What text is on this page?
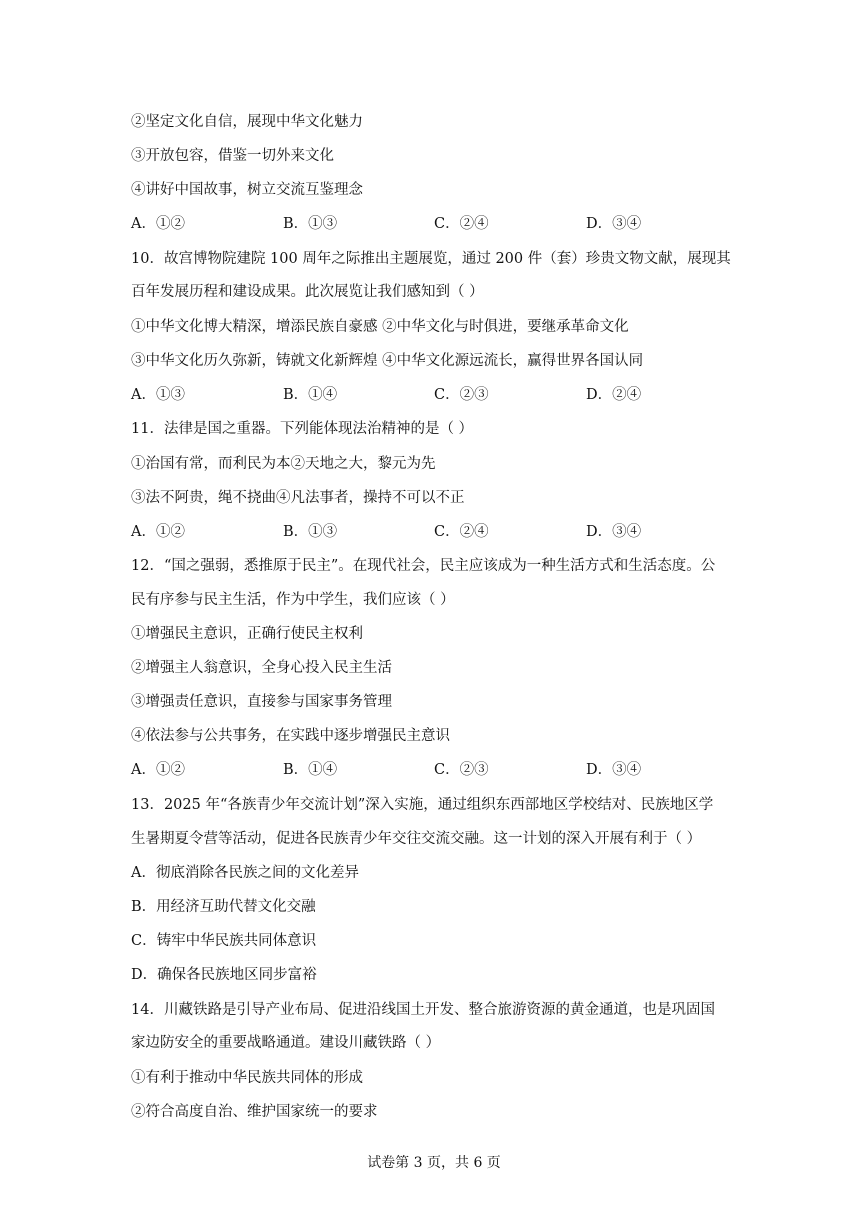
②坚定文化自信，展现中华文化魅力
③开放包容，借鉴一切外来文化
④讲好中国故事，树立交流互鉴理念
A．①②	B．①③	C．②④	D．③④
10．故宫博物院建院 100 周年之际推出主题展览，通过 200 件（套）珍贵文物文献，展现其
百年发展历程和建设成果。此次展览让我们感知到（ ）
①中华文化博大精深，增添民族自豪感 ②中华文化与时俱进，要继承革命文化
③中华文化历久弥新，铸就文化新辉煌 ④中华文化源远流长，赢得世界各国认同
A．①③	B．①④	C．②③	D．②④
11．法律是国之重器。下列能体现法治精神的是（ ）
①治国有常，而利民为本②天地之大，黎元为先
③法不阿贵，绳不挠曲④凡法事者，操持不可以不正
A．①②	B．①③	C．②④	D．③④
12．“国之强弱，悉推原于民主”。在现代社会，民主应该成为一种生活方式和生活态度。公
民有序参与民主生活，作为中学生，我们应该（ ）
①增强民主意识，正确行使民主权利
②增强主人翁意识，全身心投入民主生活
③增强责任意识，直接参与国家事务管理
④依法参与公共事务，在实践中逐步增强民主意识
A．①②	B．①④	C．②③	D．③④
13．2025 年“各族青少年交流计划”深入实施，通过组织东西部地区学校结对、民族地区学
生暑期夏令营等活动，促进各民族青少年交往交流交融。这一计划的深入开展有利于（ ）
A．彻底消除各民族之间的文化差异
B．用经济互助代替文化交融
C．铸牢中华民族共同体意识
D．确保各民族地区同步富裕
14．川藏铁路是引导产业布局、促进沿线国土开发、整合旅游资源的黄金通道，也是巩固国
家边防安全的重要战略通道。建设川藏铁路（ ）
①有利于推动中华民族共同体的形成
②符合高度自治、维护国家统一的要求
试卷第 3 页，共 6 页
